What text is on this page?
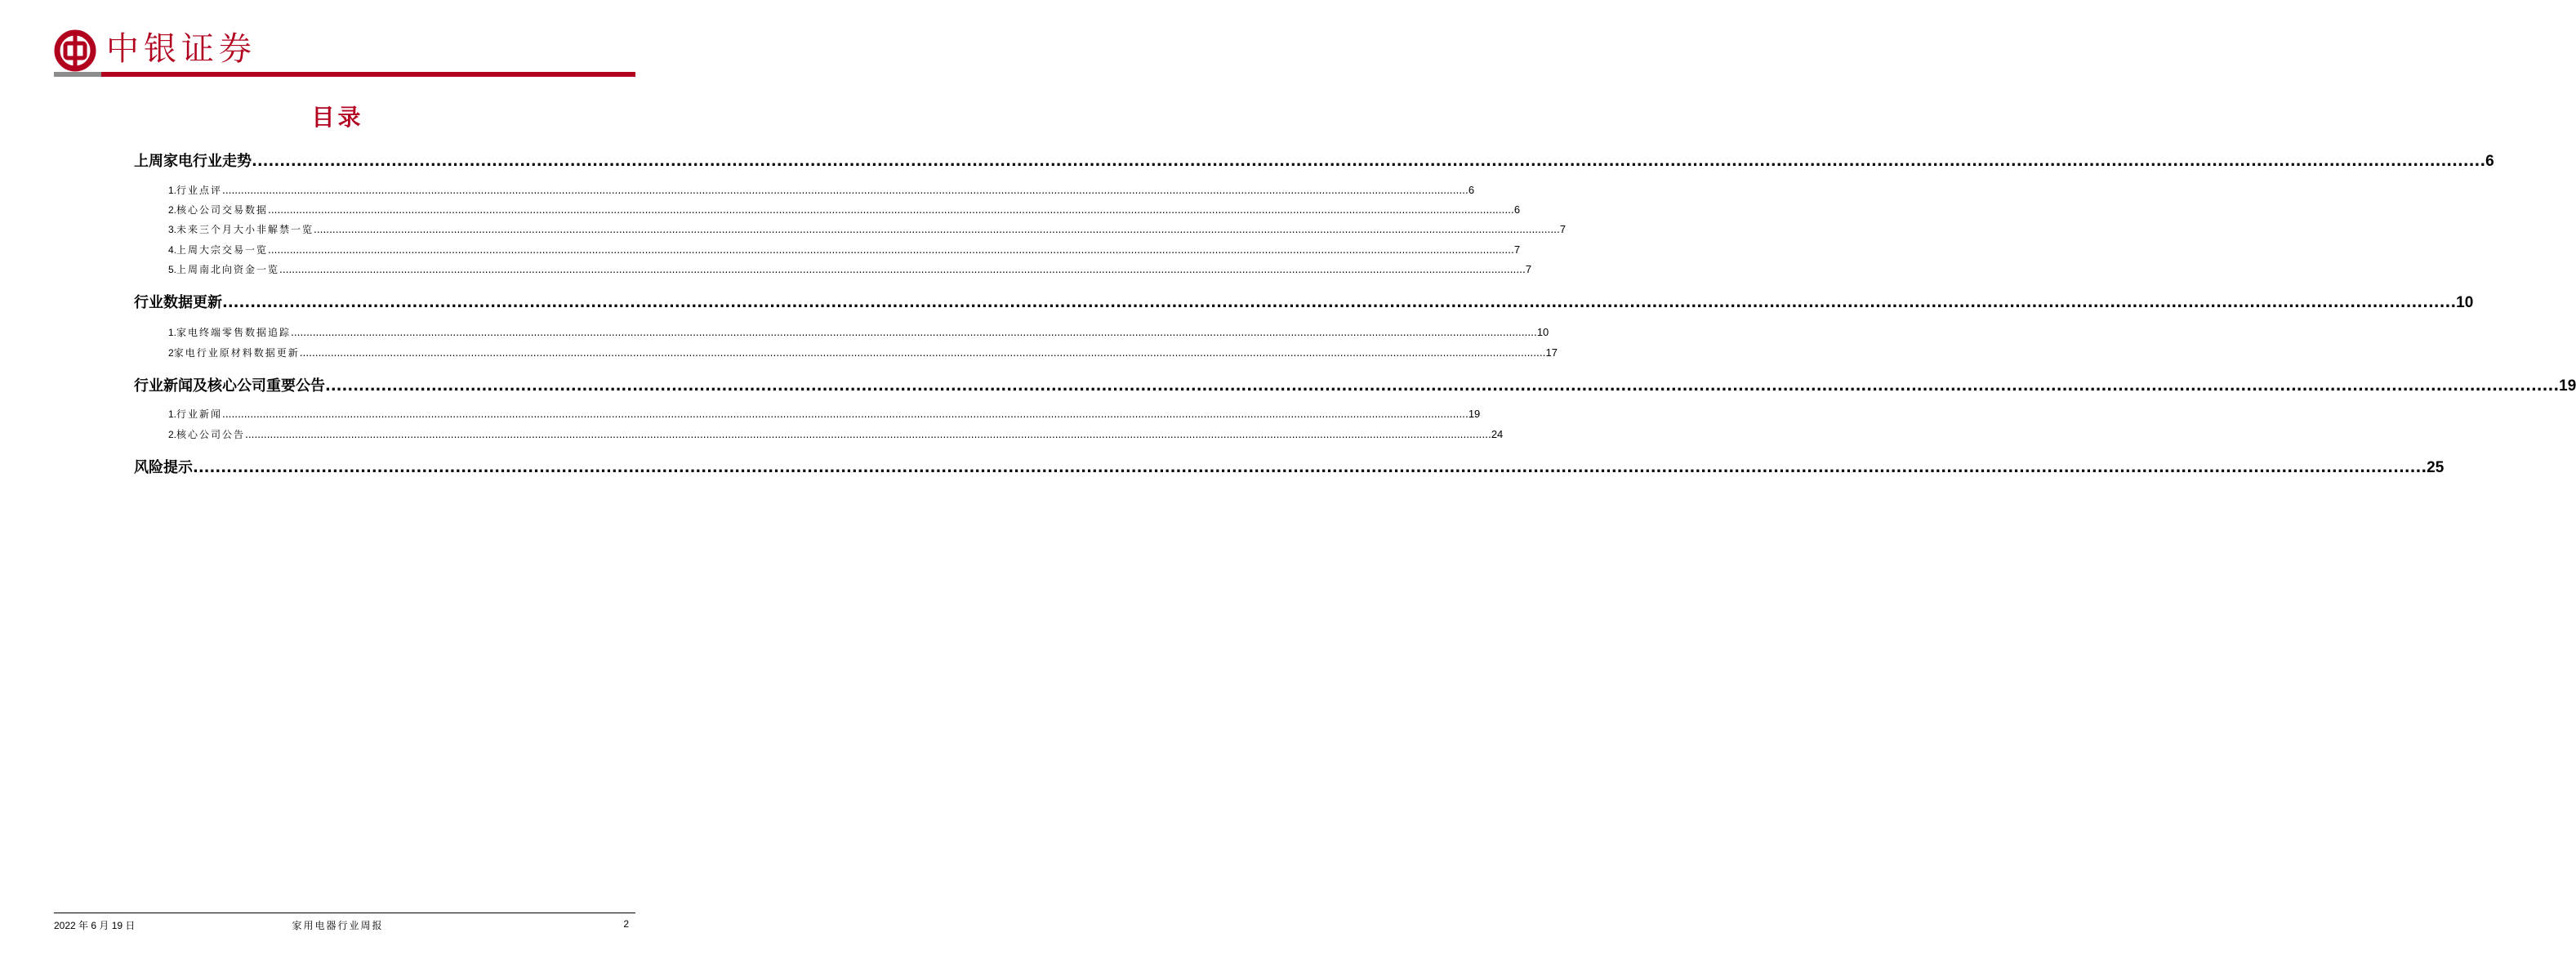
中银证券
目录
上周家电行业走势 ................................................................................................................................................................................................................................................................................................................................................................................................................ 6
1. 行业点评 ................................................................................................................................................................................................................................................................................................................................................................................................................ 6
2. 核心公司交易数据 ................................................................................................................................................................................................................................................................................................................................................................................................................ 6
3. 未来三个月大小非解禁一览 ................................................................................................................................................................................................................................................................................................................................................................................................................ 7
4. 上周大宗交易一览 ................................................................................................................................................................................................................................................................................................................................................................................................................ 7
5. 上周南北向资金一览 ................................................................................................................................................................................................................................................................................................................................................................................................................ 7
行业数据更新 ................................................................................................................................................................................................................................................................................................................................................................................................................ 10
1. 家电终端零售数据追踪 ................................................................................................................................................................................................................................................................................................................................................................................................................ 10
2 家电行业原材料数据更新 ................................................................................................................................................................................................................................................................................................................................................................................................................ 17
行业新闻及核心公司重要公告 ................................................................................................................................................................................................................................................................................................................................................................................................................ 19
1. 行业新闻 ................................................................................................................................................................................................................................................................................................................................................................................................................ 19
2. 核心公司公告 ................................................................................................................................................................................................................................................................................................................................................................................................................ 24
风险提示 ................................................................................................................................................................................................................................................................................................................................................................................................................ 25
2022 年 6 月 19 日	家用电器行业周报	2
